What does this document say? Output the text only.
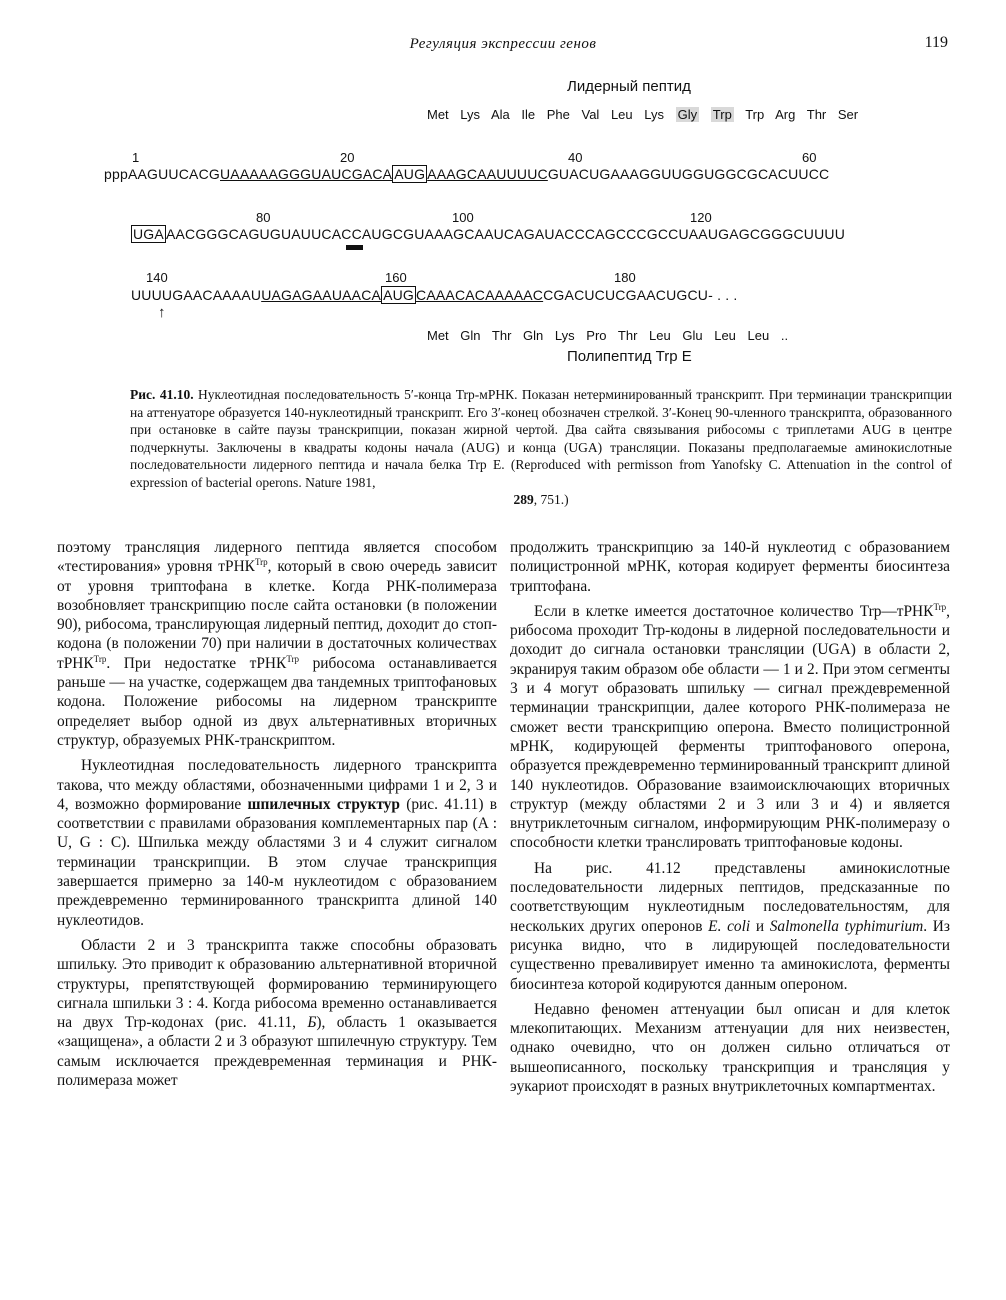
Регуляция экспрессии генов	119
Лидерный пептид
Met Lys Ala Ile Phe Val Leu Lys Gly Trp Trp Arg Thr Ser
1	20	40	60
pppAAGUUCACGUAAAAAGGGUAUCGACA AUG AAAGCAAUUUUCGUACUGAAAGGUUGGUGGCGCACUUCC
80	100	120
UGA AACGGGCAGUGUAUUCACCAUGCGUAAAGCAAUCAGAUACCCAGCCCGCCUAAUGAGCGGGCUUUU
140	160	180
UUUUGAACAAAAUUAGAGAAUAACA AUG CAAACACAAAAACCGACUCUCGAACUGCU- . . .
↑
Met Gln Thr Gln Lys Pro Thr Leu Glu Leu Leu ..
Полипептид Trp E
Рис. 41.10. Нуклеотидная последовательность 5′-конца Trp-мРНК. Показан нетерминированный транскрипт. При терминации транскрипции на аттенуаторе образуется 140-нуклеотидный транскрипт. Его 3′-конец обозначен стрелкой. 3′-Конец 90-членного транскрипта, образованного при остановке в сайте паузы транскрипции, показан жирной чертой. Два сайта связывания рибосомы с триплетами AUG в центре подчеркнуты. Заключены в квадраты кодоны начала (AUG) и конца (UGA) трансляции. Показаны предполагаемые аминокислотные последовательности лидерного пептида и начала белка Trp E. (Reproduced with permisson from Yanofsky C. Attenuation in the control of expression of bacterial operons. Nature 1981,
289, 751.)

поэтому трансляция лидерного пептида является способом «тестирования» уровня тРНК$^{Trp}$, который в свою очередь зависит от уровня триптофана в клетке. Когда РНК-полимераза возобновляет транскрипцию после сайта остановки (в положении 90), рибосома, транслирующая лидерный пептид, доходит до стоп-кодона (в положении 70) при наличии в достаточных количествах тРНК$^{Trp}$. При недостатке тРНК$^{Trp}$ рибосома останавливается раньше — на участке, содержащем два тандемных триптофановых кодона. Положение рибосомы на лидерном транскрипте определяет выбор одной из двух альтернативных вторичных структур, образуемых РНК-транскриптом.

Нуклеотидная последовательность лидерного транскрипта такова, что между областями, обозначенными цифрами 1 и 2, 3 и 4, возможно формирование шпилечных структур (рис. 41.11) в соответствии с правилами образования комплементарных пар (A : U, G : C). Шпилька между областями 3 и 4 служит сигналом терминации транскрипции. В этом случае транскрипция завершается примерно за 140-м нуклеотидом с образованием преждевременно терминированного транскрипта длиной 140 нуклеотидов.

Области 2 и 3 транскрипта также способны образовать шпильку. Это приводит к образованию альтернативной вторичной структуры, препятствующей формированию терминирующего сигнала шпильки 3 : 4. Когда рибосома временно останавливается на двух Trp-кодонах (рис. 41.11, Б), область 1 оказывается «защищена», а области 2 и 3 образуют шпилечную структуру. Тем самым исключается преждевременная терминация и РНК-полимераза может

продолжить транскрипцию за 140-й нуклеотид с образованием полицистронной мРНК, которая кодирует ферменты биосинтеза триптофана.

Если в клетке имеется достаточное количество Trp—тРНК$^{Trp}$, рибосома проходит Trp-кодоны в лидерной последовательности и доходит до сигнала остановки трансляции (UGA) в области 2, экранируя таким образом обе области — 1 и 2. При этом сегменты 3 и 4 могут образовать шпильку — сигнал преждевременной терминации транскрипции, далее которого РНК-полимераза не сможет вести транскрипцию оперона. Вместо полицистронной мРНК, кодирующей ферменты триптофанового оперона, образуется преждевременно терминированный транскрипт длиной 140 нуклеотидов. Образование взаимоисключающих вторичных структур (между областями 2 и 3 или 3 и 4) и является внутриклеточным сигналом, информирующим РНК-полимеразу о способности клетки транслировать триптофановые кодоны.

На рис. 41.12 представлены аминокислотные последовательности лидерных пептидов, предсказанные по соответствующим нуклеотидным последовательностям, для нескольких других оперонов E. coli и Salmonella typhimurium. Из рисунка видно, что в лидирующей последовательности существенно преваливирует именно та аминокислота, ферменты биосинтеза которой кодируются данным опероном.

Недавно феномен аттенуации был описан и для клеток млекопитающих. Механизм аттенуации для них неизвестен, однако очевидно, что он должен сильно отличаться от вышеописанного, поскольку транскрипция и трансляция у эукариот происходят в разных внутриклеточных компартментах.
